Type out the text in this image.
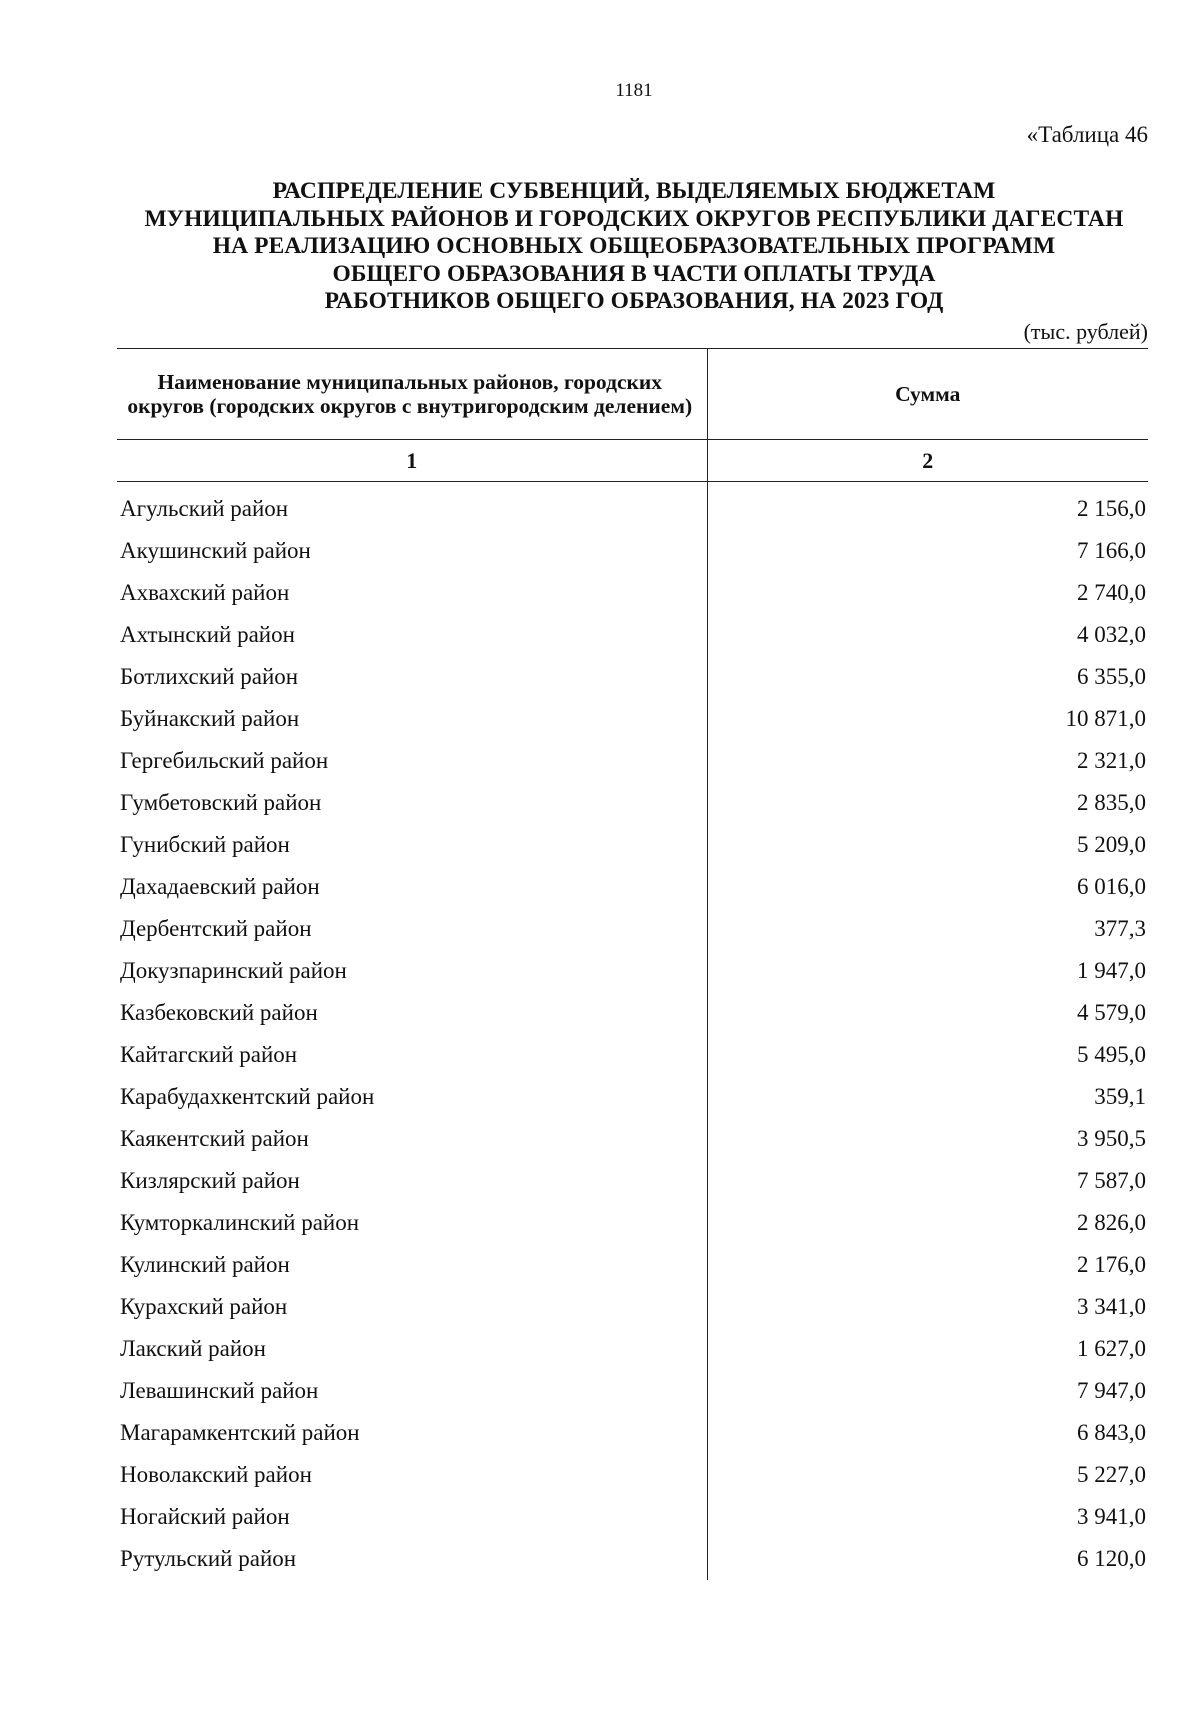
1181
«Таблица 46
РАСПРЕДЕЛЕНИЕ СУБВЕНЦИЙ, ВЫДЕЛЯЕМЫХ БЮДЖЕТАМ
МУНИЦИПАЛЬНЫХ РАЙОНОВ И ГОРОДСКИХ ОКРУГОВ РЕСПУБЛИКИ ДАГЕСТАН
НА РЕАЛИЗАЦИЮ ОСНОВНЫХ ОБЩЕОБРАЗОВАТЕЛЬНЫХ ПРОГРАММ
ОБЩЕГО ОБРАЗОВАНИЯ В ЧАСТИ ОПЛАТЫ ТРУДА
РАБОТНИКОВ ОБЩЕГО ОБРАЗОВАНИЯ, НА 2023 ГОД
(тыс. рублей)
Наименование муниципальных районов, городских округов (городских округов с внутригородским делением)	Сумма
1	2
Агульский район	2 156,0
Акушинский район	7 166,0
Ахвахский район	2 740,0
Ахтынский район	4 032,0
Ботлихский район	6 355,0
Буйнакский район	10 871,0
Гергебильский район	2 321,0
Гумбетовский район	2 835,0
Гунибский район	5 209,0
Дахадаевский район	6 016,0
Дербентский район	377,3
Докузпаринский район	1 947,0
Казбековский район	4 579,0
Кайтагский район	5 495,0
Карабудахкентский район	359,1
Каякентский район	3 950,5
Кизлярский район	7 587,0
Кумторкалинский район	2 826,0
Кулинский район	2 176,0
Курахский район	3 341,0
Лакский район	1 627,0
Левашинский район	7 947,0
Магарамкентский район	6 843,0
Новолакский район	5 227,0
Ногайский район	3 941,0
Рутульский район	6 120,0
